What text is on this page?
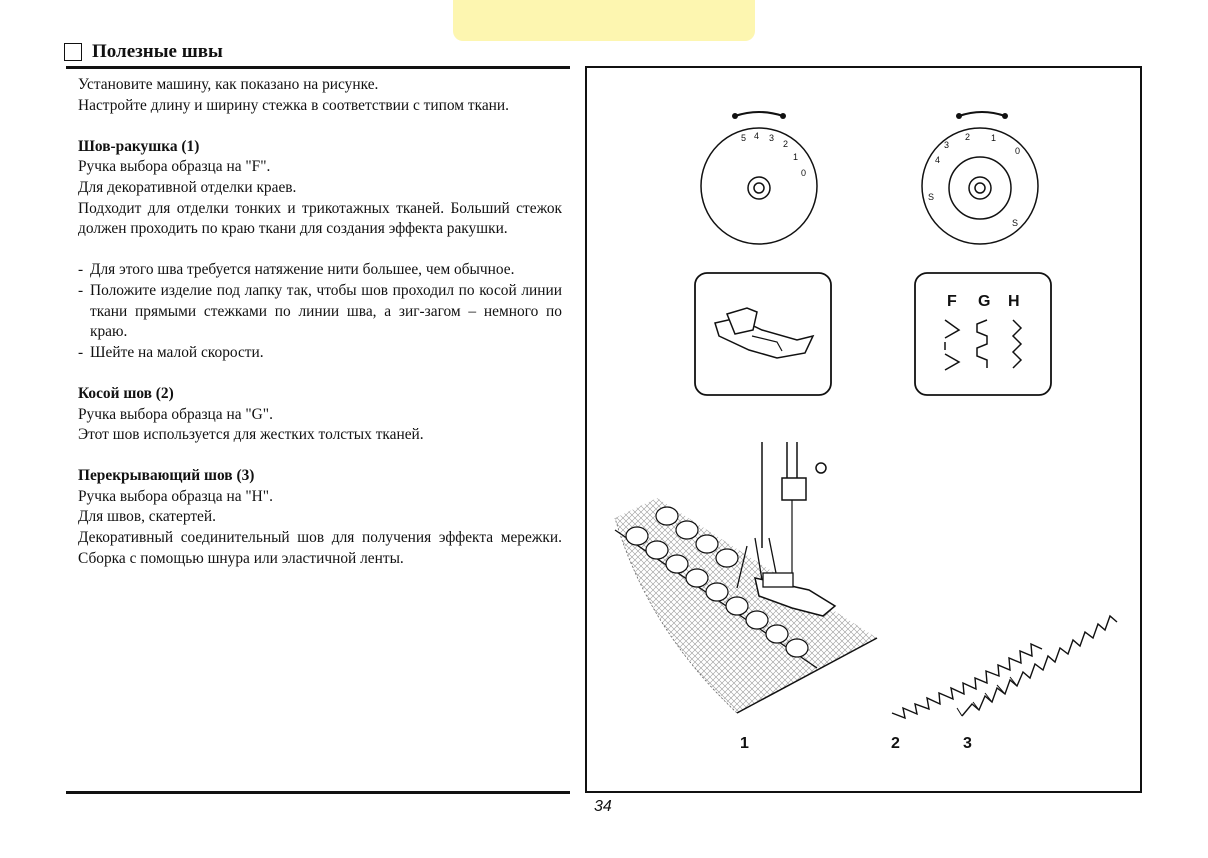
Полезные швы

Установите машину, как показано на рисунке.

Настройте длину и ширину стежка в соответствии с типом ткани.

Шов-ракушка (1)

Ручка выбора образца на "F".

Для декоративной отделки краев.

Подходит для отделки тонких и трикотажных тканей. Больший стежок должен проходить по краю ткани для создания эффекта ракушки.

- Для этого шва требуется натяжение нити большее, чем обычное.
- Положите изделие под лапку так, чтобы шов проходил по косой линии ткани прямыми стежками по линии шва, а зиг-загом – немного по краю.
- Шейте на малой скорости.
Косой шов (2)

Ручка выбора образца на "G".

Этот шов используется для жестких толстых тканей.

Перекрывающий шов (3)

Ручка выбора образца на "H".

Для швов, скатертей.

Декоративный соединительный шов для получения эффекта мережки. Сборка с помощью шнура или эластичной ленты.

5 4 3
2
1
0
4
3
2 1
0
S
S
F G H
1	2	3
34
